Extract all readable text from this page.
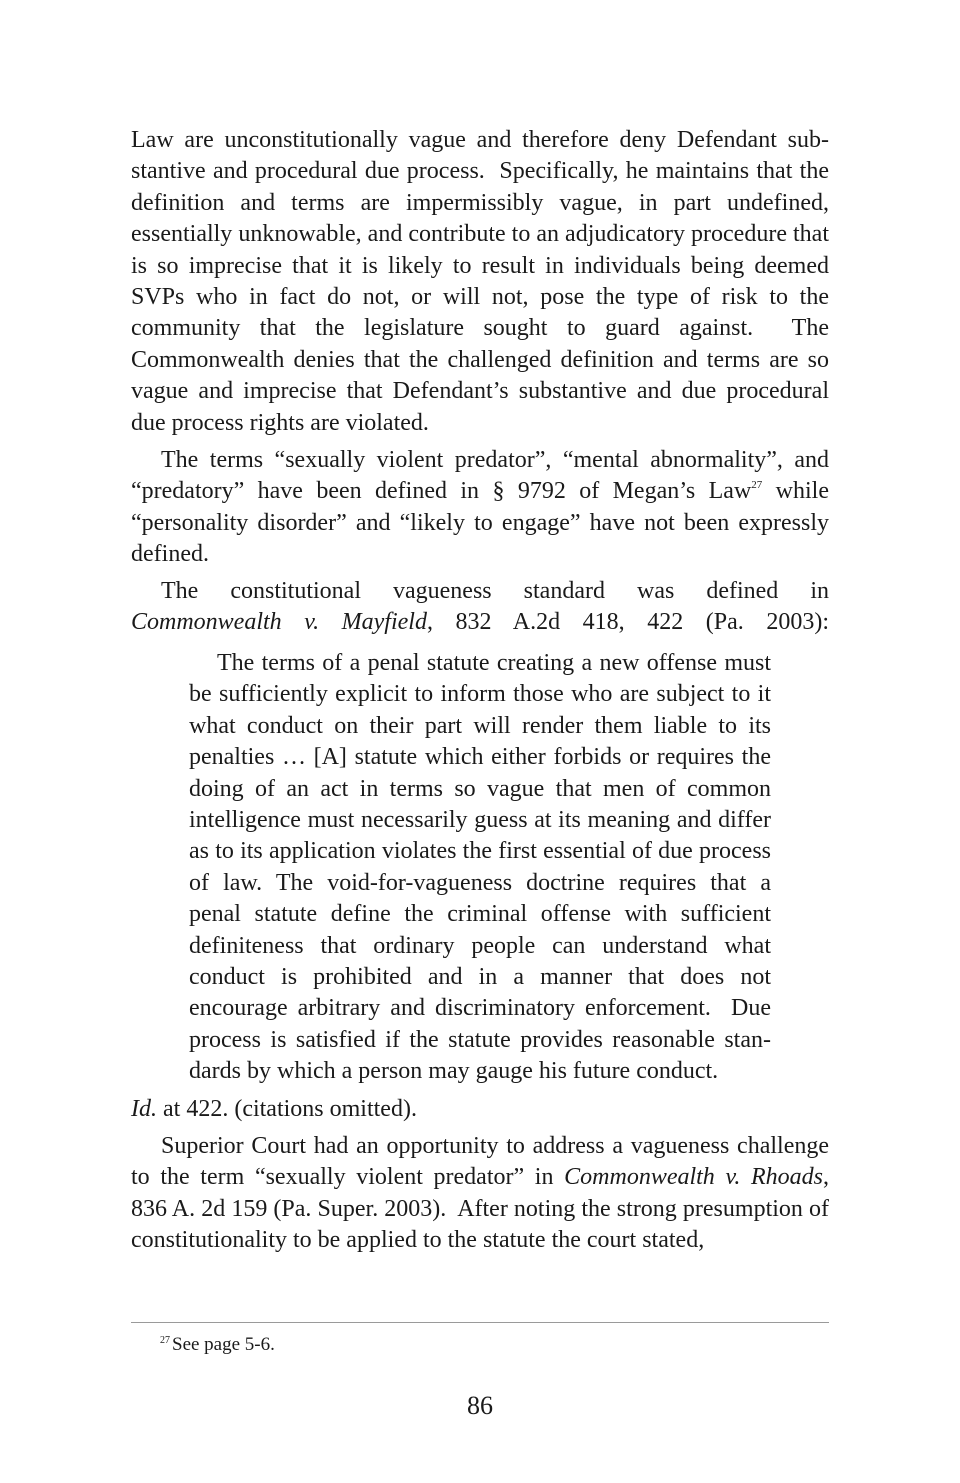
Law are unconstitutionally vague and therefore deny Defendant substantive and procedural due process.  Specifically, he maintains that the definition and terms are impermissibly vague, in part undefined, essentially unknowable, and contribute to an adjudicatory procedure that is so imprecise that it is likely to result in individuals being deemed SVPs who in fact do not, or will not, pose the type of risk to the community that the legislature sought to guard against.  The Commonwealth denies that the challenged definition and terms are so vague and imprecise that Defendant’s substantive and due procedural due process rights are violated.

The terms “sexually violent predator”, “mental abnormality”, and “predatory” have been defined in § 9792 of Megan’s Law$^{27}$ while “personality disorder” and “likely to engage” have not been expressly defined.

The constitutional vagueness standard was defined in
Commonwealth v. Mayfield, 832 A.2d 418, 422 (Pa. 2003):

The terms of a penal statute creating a new offense must be sufficiently explicit to inform those who are subject to it what conduct on their part will render them liable to its penalties … [A] statute which either forbids or requires the doing of an act in terms so vague that men of common intelligence must necessarily guess at its meaning and differ as to its application violates the first essential of due process of law. The void-for-vagueness doctrine requires that a penal statute define the criminal offense with sufficient definiteness that ordinary people can understand what conduct is prohibited and in a manner that does not encourage arbitrary and discriminatory enforcement.  Due process is satisfied if the statute provides reasonable standards by which a person may gauge his future conduct.

Id. at 422. (citations omitted).

Superior Court had an opportunity to address a vagueness challenge to the term “sexually violent predator” in Commonwealth v. Rhoads, 836 A. 2d 159 (Pa. Super. 2003).  After noting the strong presumption of constitutionality to be applied to the statute the court stated,

$^{27}$ See page 5-6.
86
